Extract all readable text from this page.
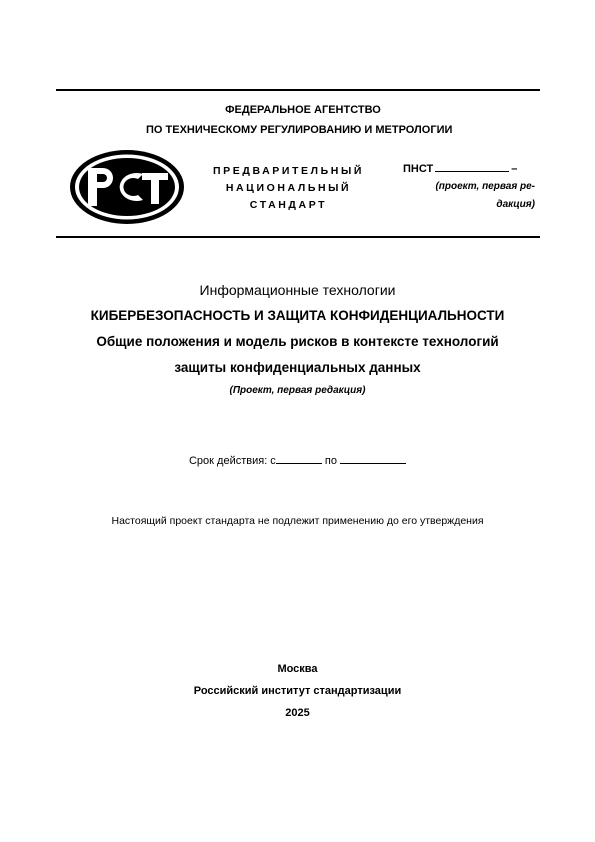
ФЕДЕРАЛЬНОЕ АГЕНТСТВО
ПО ТЕХНИЧЕСКОМУ РЕГУЛИРОВАНИЮ И МЕТРОЛОГИИ
ПРЕДВАРИТЕЛЬНЫЙ
НАЦИОНАЛЬНЫЙ
СТАНДАРТ
ПНСТ	–
(проект, первая ре-
дакция)
Информационные технологии
КИБЕРБЕЗОПАСНОСТЬ И ЗАЩИТА КОНФИДЕНЦИАЛЬНОСТИ
Общие положения и модель рисков в контексте технологий
защиты конфиденциальных данных
(Проект, первая редакция)
Срок действия: с	по
Настоящий проект стандарта не подлежит применению до его утверждения
Москва
Российский институт стандартизации
2025
